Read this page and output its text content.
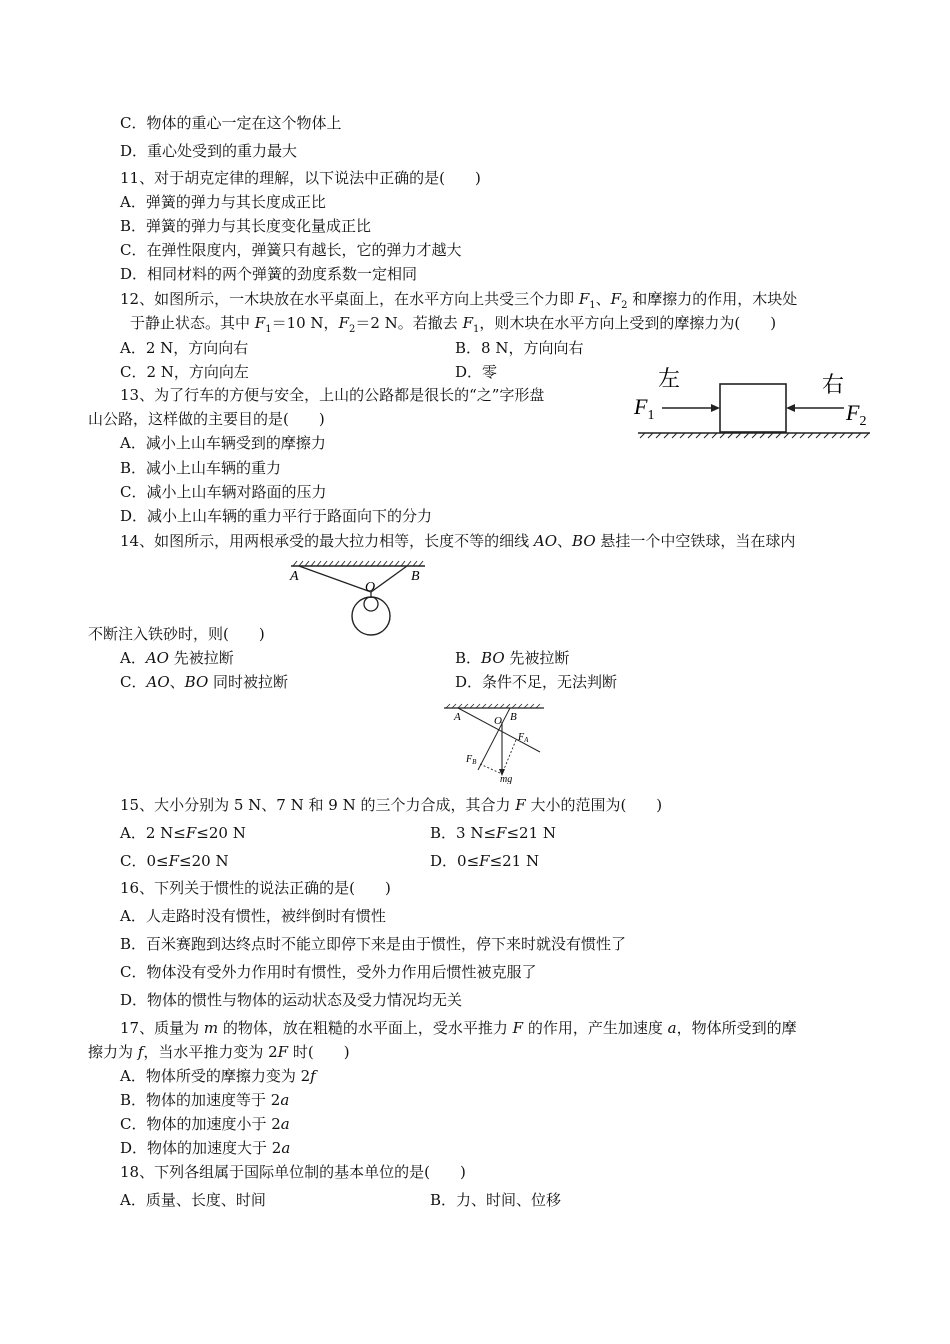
C．物体的重心一定在这个物体上
D．重心处受到的重力最大
11、对于胡克定律的理解，以下说法中正确的是(　　)
A．弹簧的弹力与其长度成正比
B．弹簧的弹力与其长度变化量成正比
C．在弹性限度内，弹簧只有越长，它的弹力才越大
D．相同材料的两个弹簧的劲度系数一定相同
12、如图所示，一木块放在水平桌面上，在水平方向上共受三个力即 $F_1$、$F_2$ 和摩擦力的作用，木块处
于静止状态。其中 $F_1=10$ N，$F_2=2$ N。若撤去 $F_1$，则木块在水平方向上受到的摩擦力为(　　)
A．2 N，方向向右	B．8 N，方向向右
C．2 N，方向向左	D．零	左	右
$F_1$	$F_2$
13、为了行车的方便与安全，上山的公路都是很长的“之”字形盘
山公路，这样做的主要目的是(　　)
A．减小上山车辆受到的摩擦力
B．减小上山车辆的重力
C．减小上山车辆对路面的压力
D．减小上山车辆的重力平行于路面向下的分力
14、如图所示，用两根承受的最大拉力相等，长度不等的细线 AO、BO 悬挂一个中空铁球，当在球内
A	B
O
不断注入铁砂时，则(　　)
A．AO 先被拉断	B．BO 先被拉断
C．AO、BO 同时被拉断	D．条件不足，无法判断
A	B
O
$F_A$
$F_B$
mg
15、大小分别为 5 N、7 N 和 9 N 的三个力合成，其合力 F 大小的范围为(　　)
A．2 N≤F≤20 N	B．3 N≤F≤21 N
C．0≤F≤20 N	D．0≤F≤21 N
16、下列关于惯性的说法正确的是(　　)
A．人走路时没有惯性，被绊倒时有惯性
B．百米赛跑到达终点时不能立即停下来是由于惯性，停下来时就没有惯性了
C．物体没有受外力作用时有惯性，受外力作用后惯性被克服了
D．物体的惯性与物体的运动状态及受力情况均无关
17、质量为 m 的物体，放在粗糙的水平面上，受水平推力 F 的作用，产生加速度 a，物体所受到的摩
擦力为 f，当水平推力变为 2F 时(　　)
A．物体所受的摩擦力变为 2f
B．物体的加速度等于 2a
C．物体的加速度小于 2a
D．物体的加速度大于 2a
18、下列各组属于国际单位制的基本单位的是(　　)
A．质量、长度、时间	B．力、时间、位移
